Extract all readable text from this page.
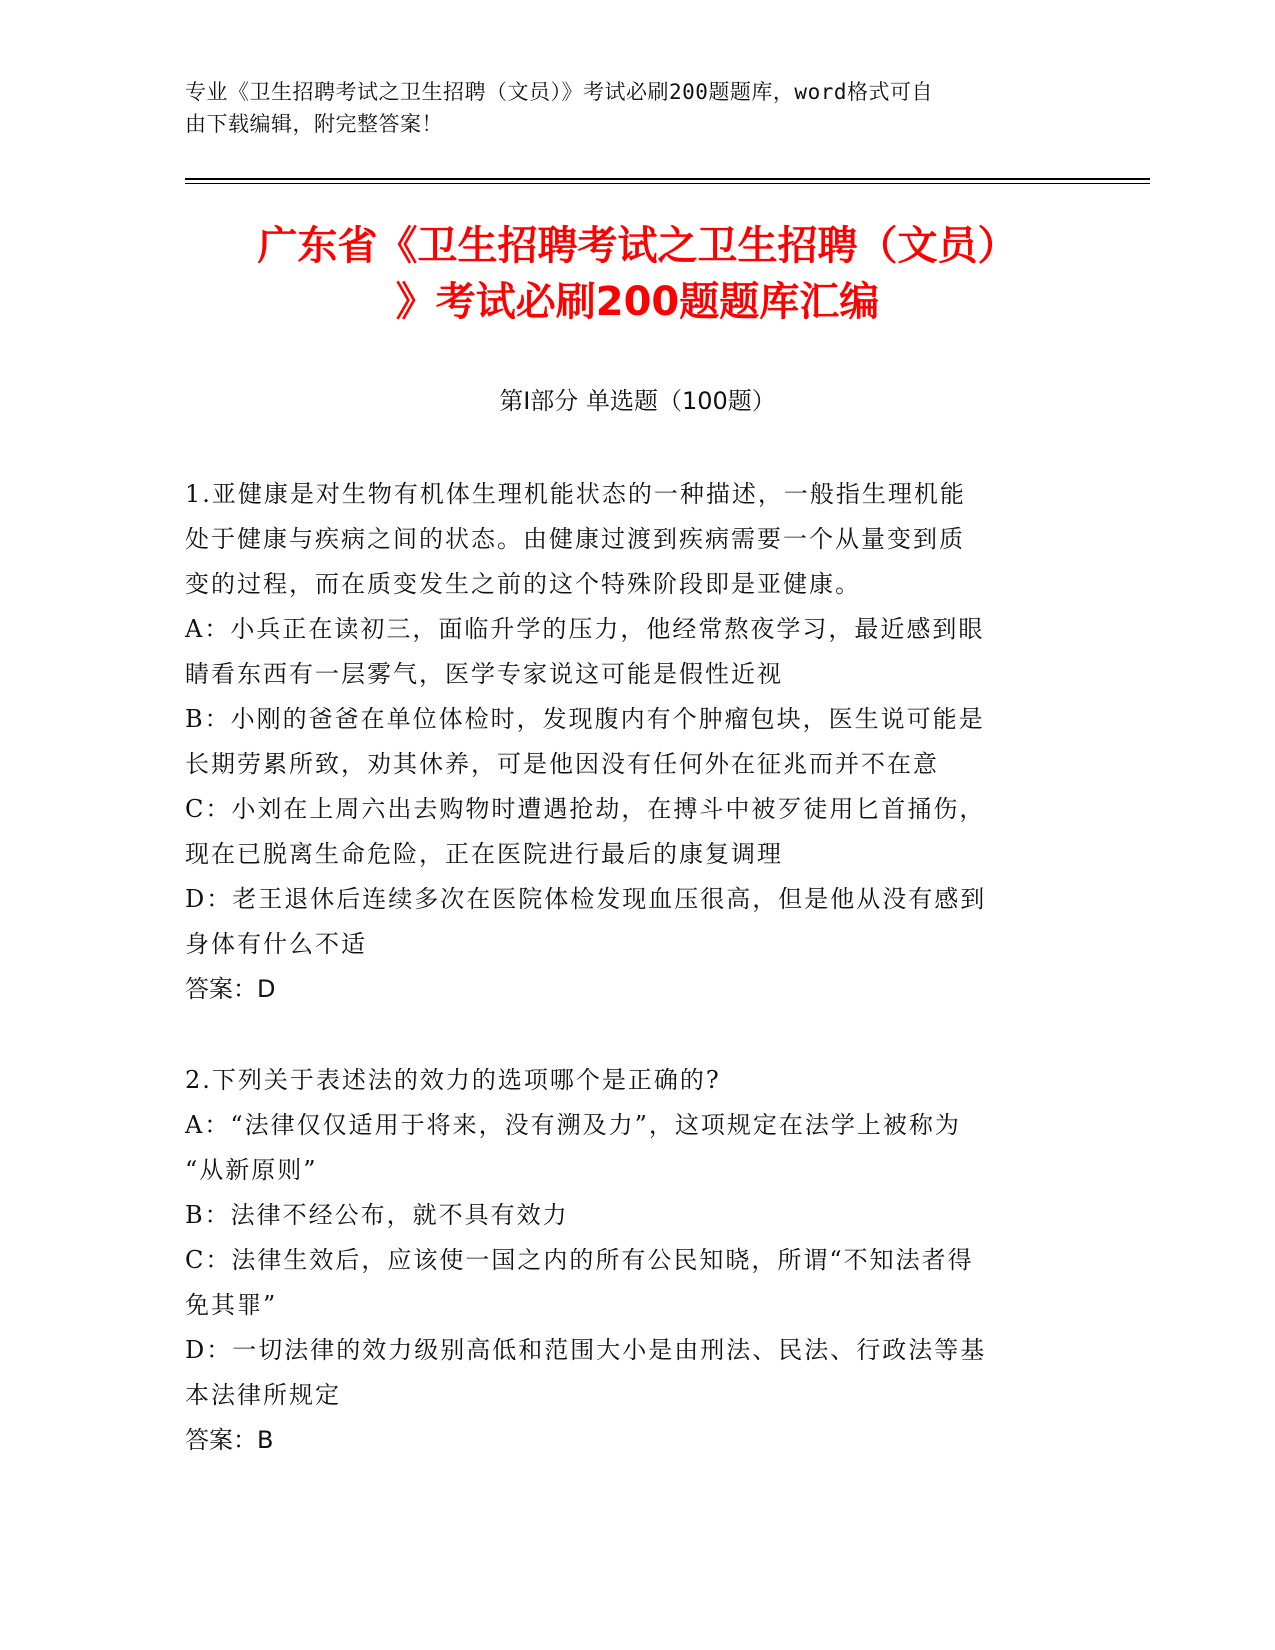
专业《卫生招聘考试之卫生招聘（文员）》考试必刷200题题库，word格式可自
由下载编辑，附完整答案！
广东省《卫生招聘考试之卫生招聘（文员）
》考试必刷200题题库汇编
第Ⅰ部分 单选题（100题）
1.亚健康是对生物有机体生理机能状态的一种描述，一般指生理机能
处于健康与疾病之间的状态。由健康过渡到疾病需要一个从量变到质
变的过程，而在质变发生之前的这个特殊阶段即是亚健康。
A：小兵正在读初三，面临升学的压力，他经常熬夜学习，最近感到眼
睛看东西有一层雾气，医学专家说这可能是假性近视
B：小刚的爸爸在单位体检时，发现腹内有个肿瘤包块，医生说可能是
长期劳累所致，劝其休养，可是他因没有任何外在征兆而并不在意
C：小刘在上周六出去购物时遭遇抢劫，在搏斗中被歹徒用匕首捅伤，
现在已脱离生命危险，正在医院进行最后的康复调理
D：老王退休后连续多次在医院体检发现血压很高，但是他从没有感到
身体有什么不适
答案：D
2.下列关于表述法的效力的选项哪个是正确的?
A：“法律仅仅适用于将来，没有溯及力”，这项规定在法学上被称为
“从新原则”
B：法律不经公布，就不具有效力
C：法律生效后，应该使一国之内的所有公民知晓，所谓“不知法者得
免其罪”
D：一切法律的效力级别高低和范围大小是由刑法、民法、行政法等基
本法律所规定
答案：B
